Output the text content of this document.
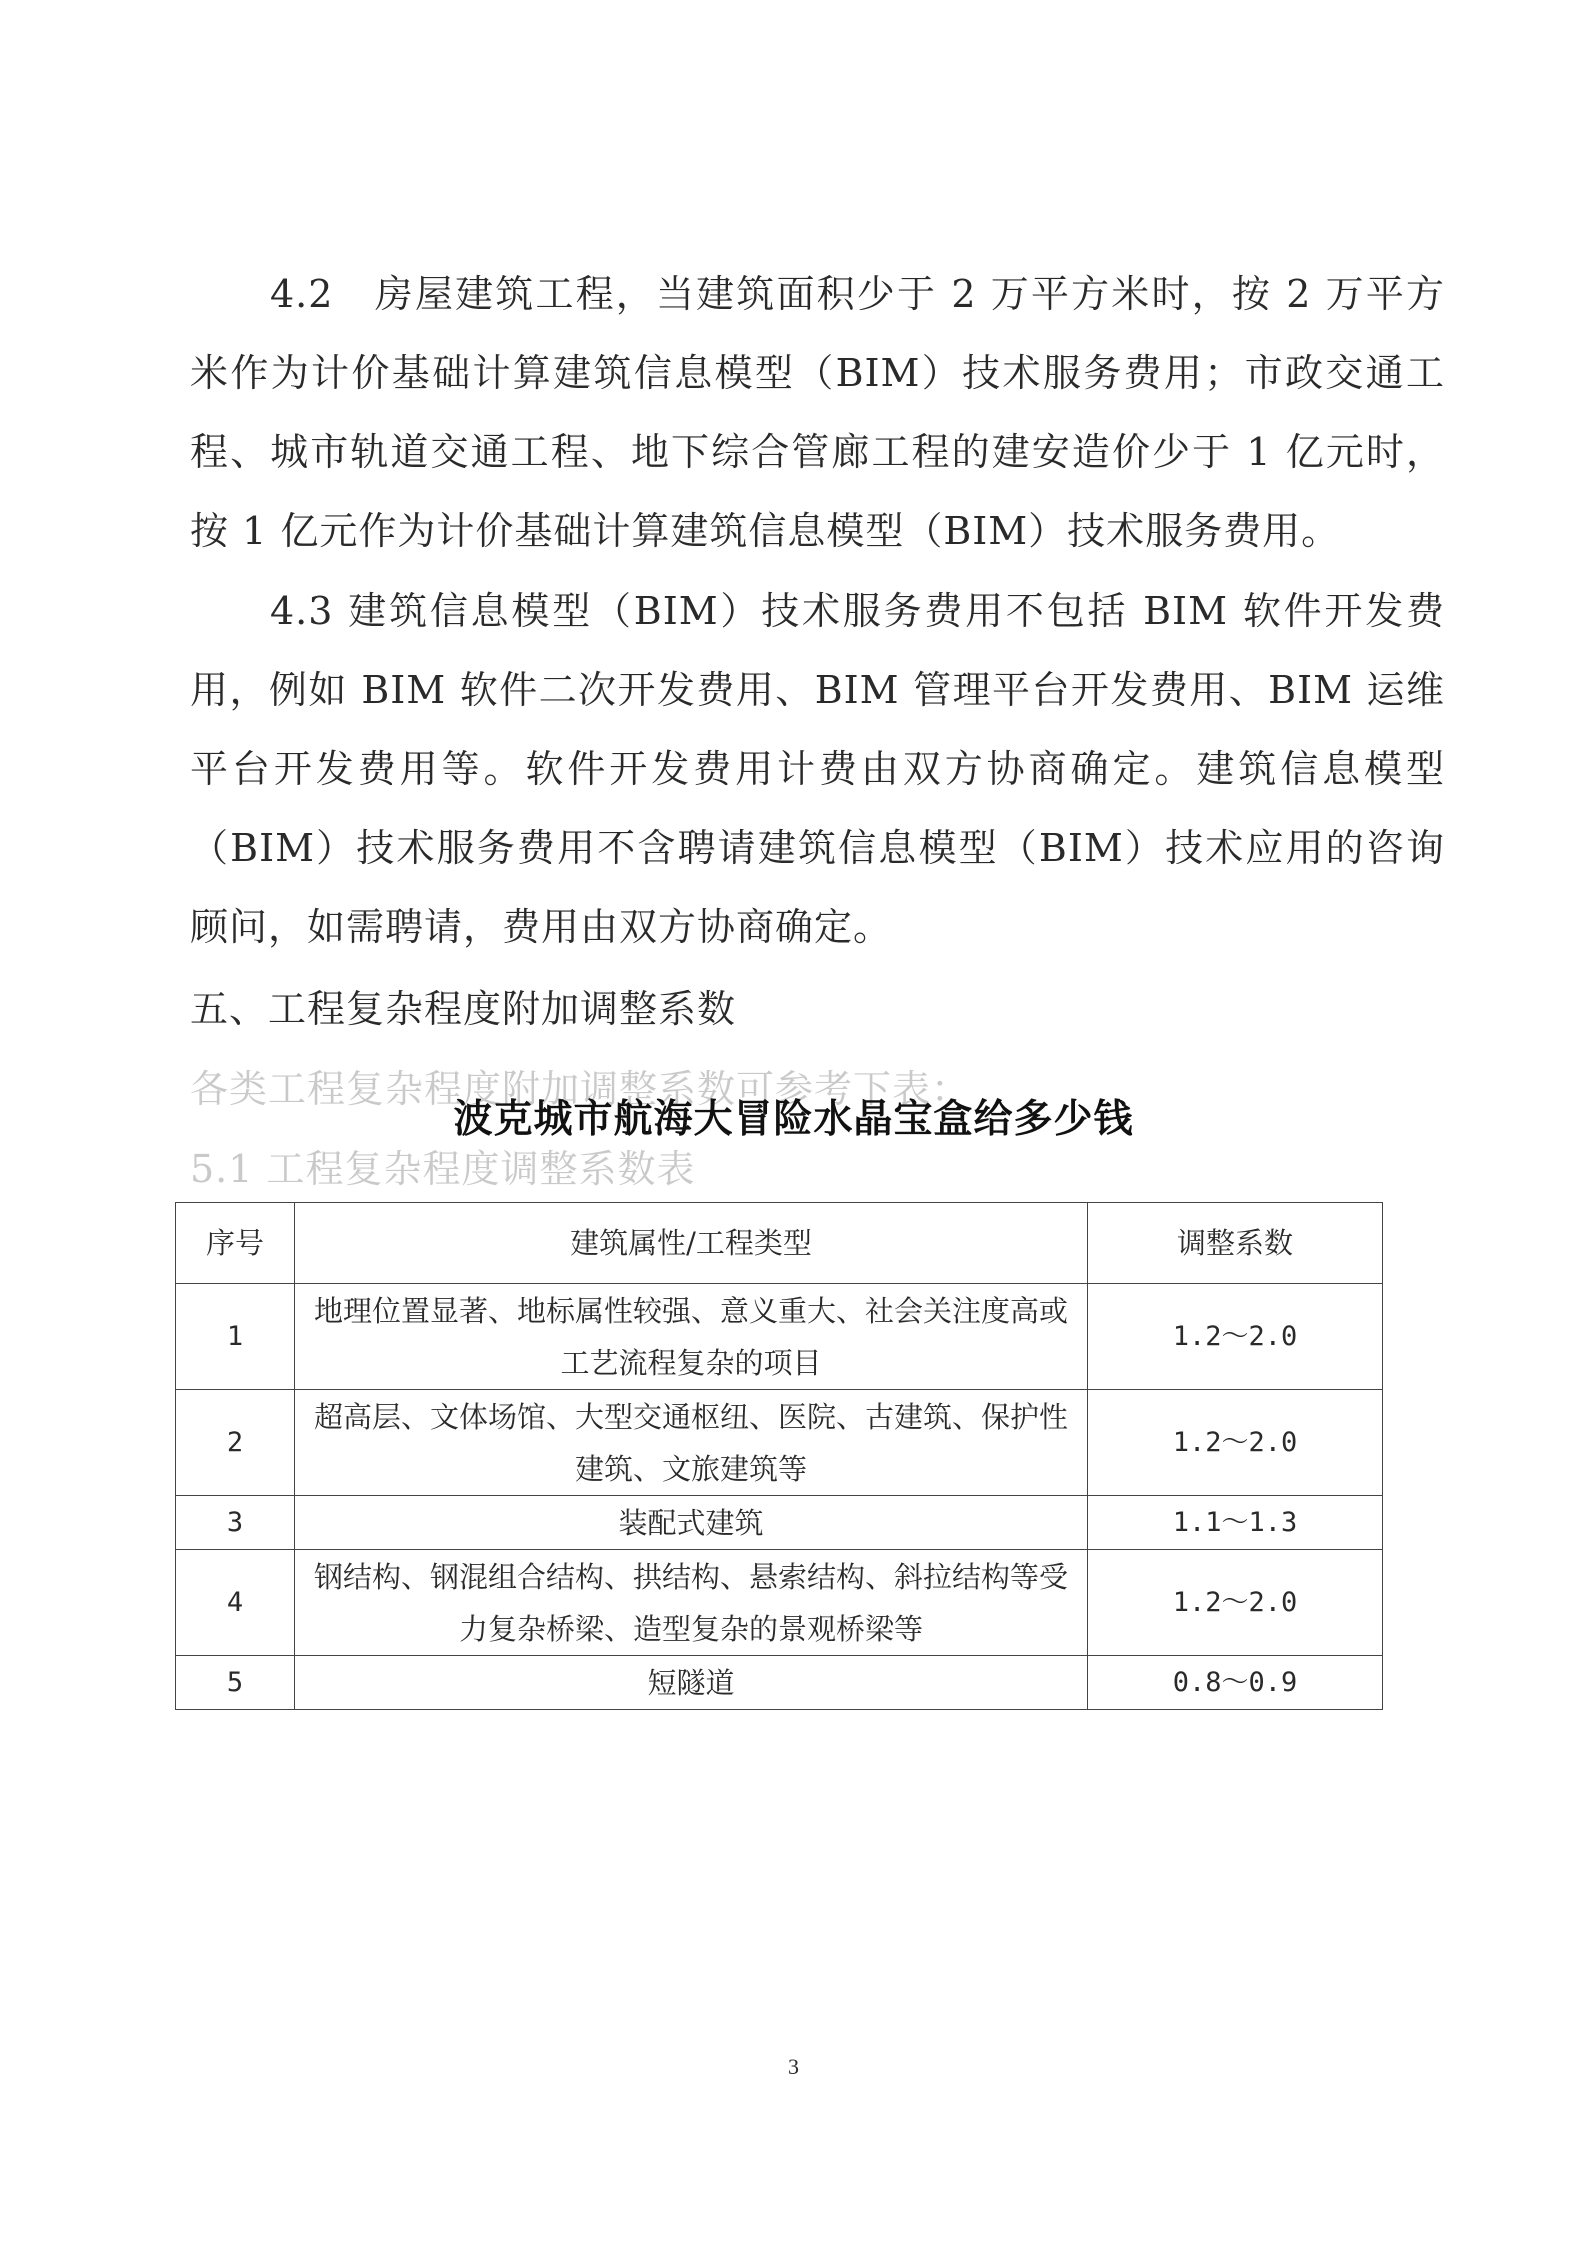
4.2　房屋建筑工程，当建筑面积少于 2 万平方米时，按 2 万平方米作为计价基础计算建筑信息模型（BIM）技术服务费用；市政交通工程、城市轨道交通工程、地下综合管廊工程的建安造价少于 1 亿元时，按 1 亿元作为计价基础计算建筑信息模型（BIM）技术服务费用。

4.3 建筑信息模型（BIM）技术服务费用不包括 BIM 软件开发费用，例如 BIM 软件二次开发费用、BIM 管理平台开发费用、BIM 运维平台开发费用等。软件开发费用计费由双方协商确定。建筑信息模型（BIM）技术服务费用不含聘请建筑信息模型（BIM）技术应用的咨询顾问，如需聘请，费用由双方协商确定。

五、工程复杂程度附加调整系数

各类工程复杂程度附加调整系数可参考下表：

5.1 工程复杂程度调整系数表

波克城市航海大冒险水晶宝盒给多少钱
序号	建筑属性/工程类型	调整系数
1	地理位置显著、地标属性较强、意义重大、社会关注度高或工艺流程复杂的项目	1.2～2.0
2	超高层、文体场馆、大型交通枢纽、医院、古建筑、保护性建筑、文旅建筑等	1.2～2.0
3	装配式建筑	1.1～1.3
4	钢结构、钢混组合结构、拱结构、悬索结构、斜拉结构等受力复杂桥梁、造型复杂的景观桥梁等	1.2～2.0
5	短隧道	0.8～0.9
3
